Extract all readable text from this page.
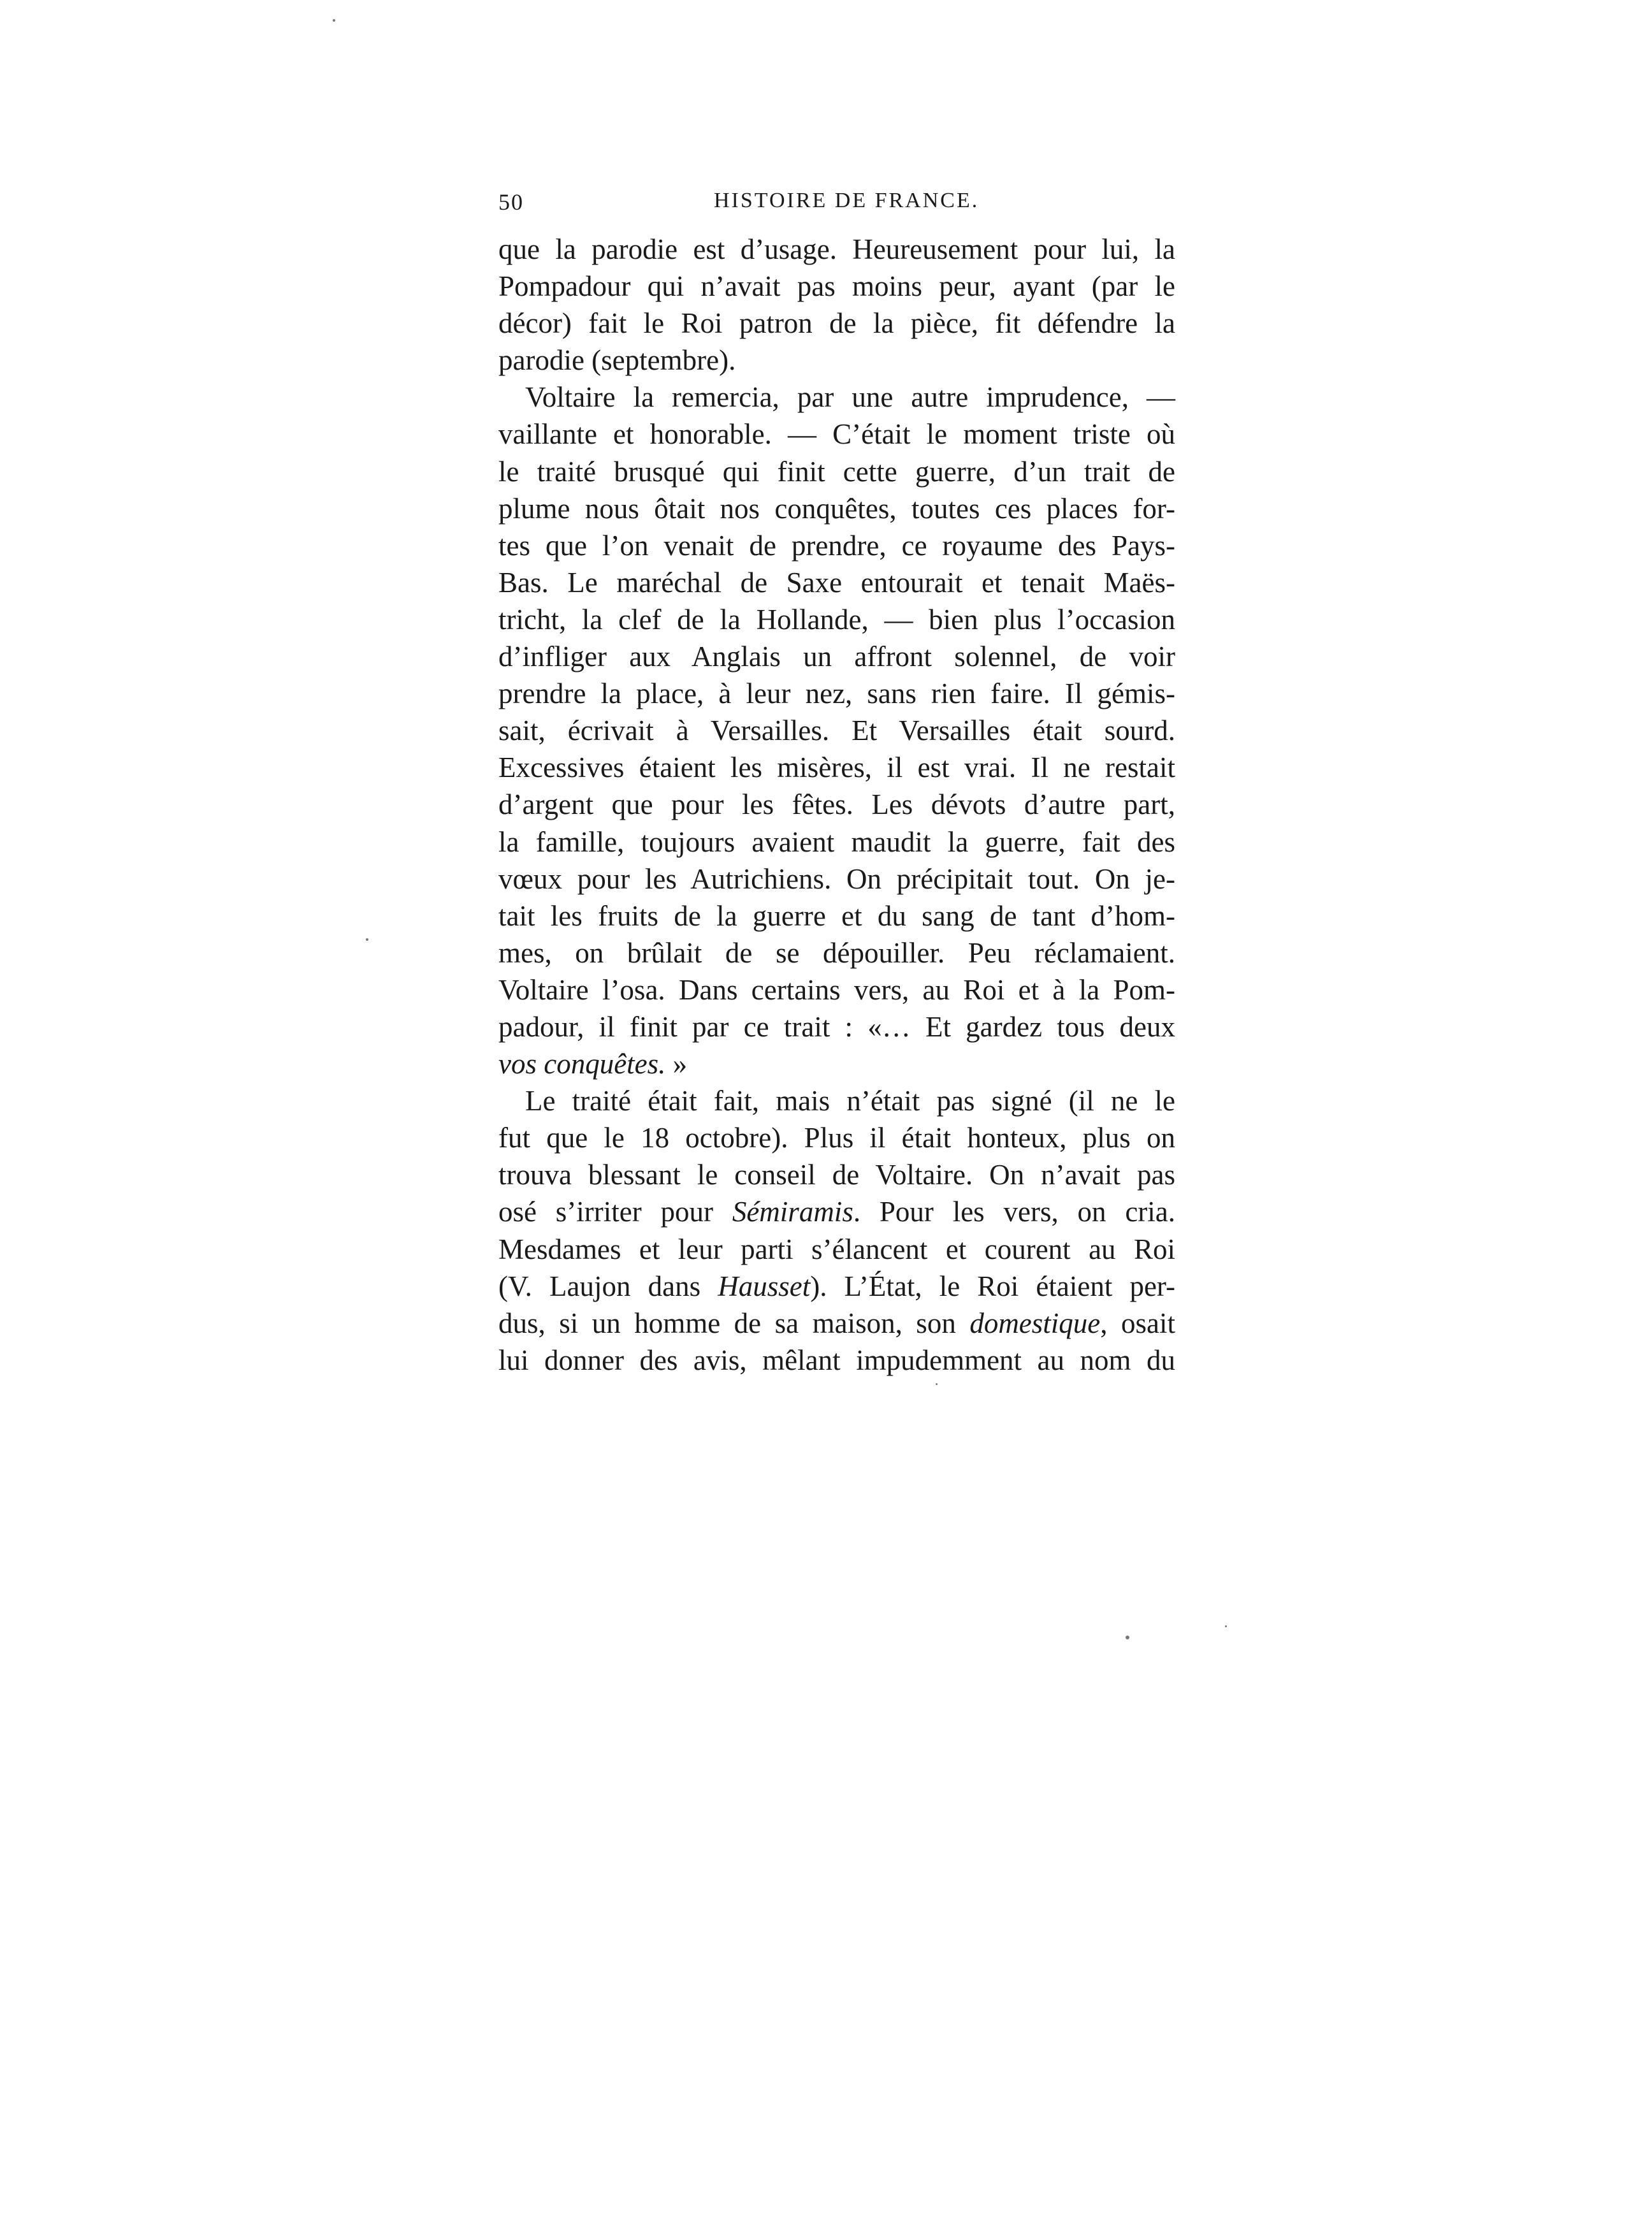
50	HISTOIRE DE FRANCE.
que la parodie est d’usage. Heureusement pour lui, la
Pompadour qui n’avait pas moins peur, ayant (par le
décor) fait le Roi patron de la pièce, fit défendre la
parodie (septembre).
Voltaire la remercia, par une autre imprudence, —
vaillante et honorable. — C’était le moment triste où
le traité brusqué qui finit cette guerre, d’un trait de
plume nous ôtait nos conquêtes, toutes ces places for-
tes que l’on venait de prendre, ce royaume des Pays-
Bas. Le maréchal de Saxe entourait et tenait Maës-
tricht, la clef de la Hollande, — bien plus l’occasion
d’infliger aux Anglais un affront solennel, de voir
prendre la place, à leur nez, sans rien faire. Il gémis-
sait, écrivait à Versailles. Et Versailles était sourd.
Excessives étaient les misères, il est vrai. Il ne restait
d’argent que pour les fêtes. Les dévots d’autre part,
la famille, toujours avaient maudit la guerre, fait des
vœux pour les Autrichiens. On précipitait tout. On je-
tait les fruits de la guerre et du sang de tant d’hom-
mes, on brûlait de se dépouiller. Peu réclamaient.
Voltaire l’osa. Dans certains vers, au Roi et à la Pom-
padour, il finit par ce trait : «… Et gardez tous deux
vos conquêtes. »
Le traité était fait, mais n’était pas signé (il ne le
fut que le 18 octobre). Plus il était honteux, plus on
trouva blessant le conseil de Voltaire. On n’avait pas
osé s’irriter pour Sémiramis. Pour les vers, on cria.
Mesdames et leur parti s’élancent et courent au Roi
(V. Laujon dans Hausset). L’État, le Roi étaient per-
dus, si un homme de sa maison, son domestique, osait
lui donner des avis, mêlant impudemment au nom du
